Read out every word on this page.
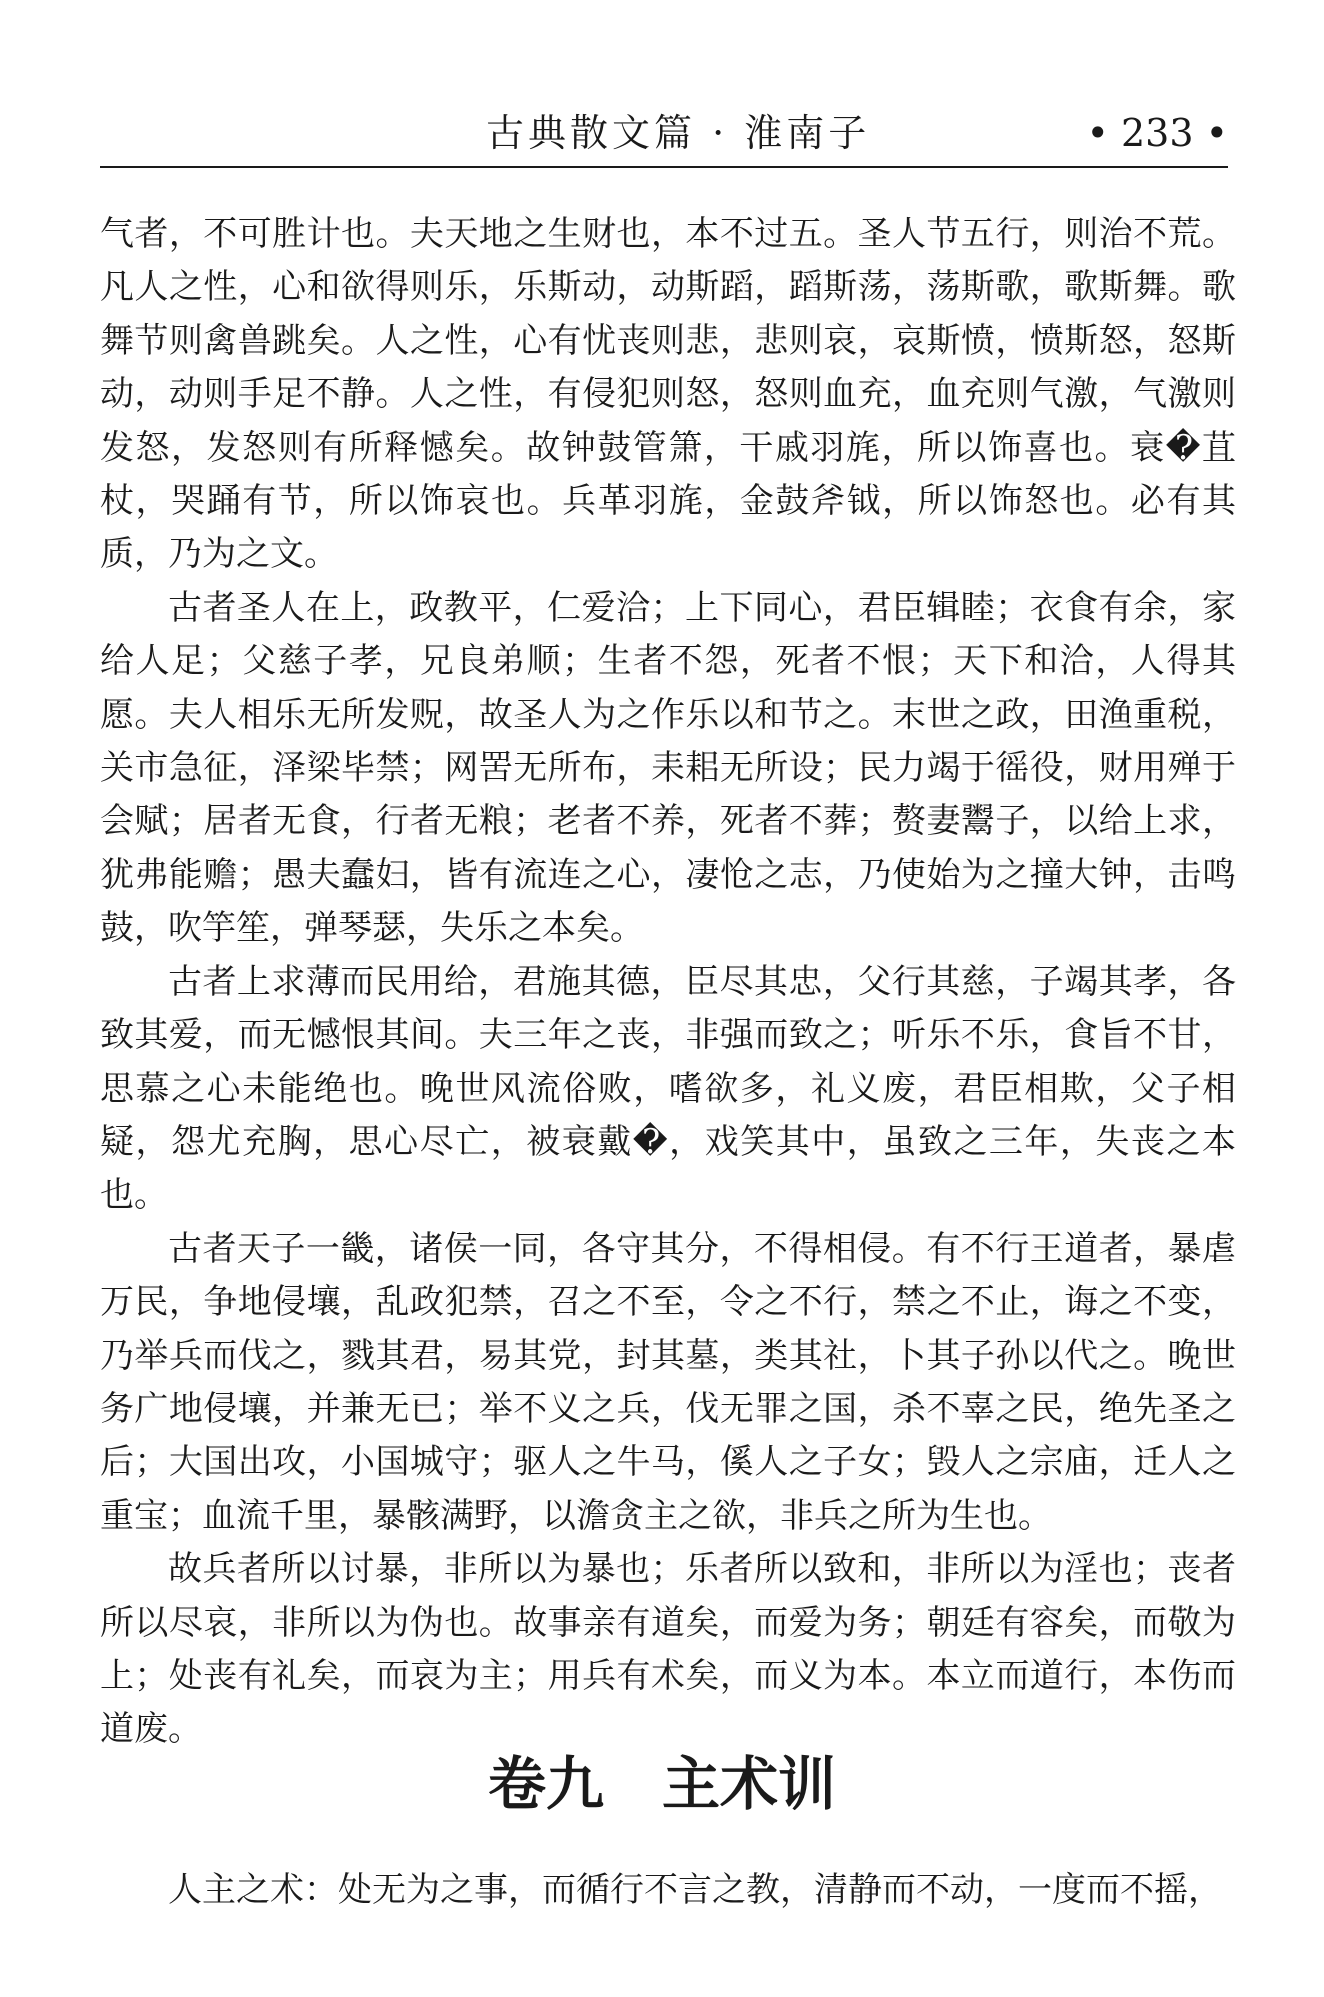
古典散文篇 · 淮南子	• 233 •

气者，不可胜计也。夫天地之生财也，本不过五。圣人节五行，则治不荒。凡人之性，心和欲得则乐，乐斯动，动斯蹈，蹈斯荡，荡斯歌，歌斯舞。歌舞节则禽兽跳矣。人之性，心有忧丧则悲，悲则哀，哀斯愤，愤斯怒，怒斯动，动则手足不静。人之性，有侵犯则怒，怒则血充，血充则气激，气激则发怒，发怒则有所释憾矣。故钟鼓管箫，干戚羽旄，所以饰喜也。衰�苴杖，哭踊有节，所以饰哀也。兵革羽旄，金鼓斧钺，所以饰怒也。必有其质，乃为之文。

古者圣人在上，政教平，仁爱洽；上下同心，君臣辑睦；衣食有余，家给人足；父慈子孝，兄良弟顺；生者不怨，死者不恨；天下和洽，人得其愿。夫人相乐无所发贶，故圣人为之作乐以和节之。末世之政，田渔重税，关市急征，泽梁毕禁；网罟无所布，耒耜无所设；民力竭于徭役，财用殚于会赋；居者无食，行者无粮；老者不养，死者不葬；赘妻鬻子，以给上求，犹弗能赡；愚夫蠢妇，皆有流连之心，凄怆之志，乃使始为之撞大钟，击鸣鼓，吹竽笙，弹琴瑟，失乐之本矣。

古者上求薄而民用给，君施其德，臣尽其忠，父行其慈，子竭其孝，各致其爱，而无憾恨其间。夫三年之丧，非强而致之；听乐不乐，食旨不甘，思慕之心未能绝也。晚世风流俗败，嗜欲多，礼义废，君臣相欺，父子相疑，怨尤充胸，思心尽亡，被衰戴�，戏笑其中，虽致之三年，失丧之本也。

古者天子一畿，诸侯一同，各守其分，不得相侵。有不行王道者，暴虐万民，争地侵壤，乱政犯禁，召之不至，令之不行，禁之不止，诲之不变，乃举兵而伐之，戮其君，易其党，封其墓，类其社，卜其子孙以代之。晚世务广地侵壤，并兼无已；举不义之兵，伐无罪之国，杀不辜之民，绝先圣之后；大国出攻，小国城守；驱人之牛马，傒人之子女；毁人之宗庙，迁人之重宝；血流千里，暴骸满野，以澹贪主之欲，非兵之所为生也。

故兵者所以讨暴，非所以为暴也；乐者所以致和，非所以为淫也；丧者所以尽哀，非所以为伪也。故事亲有道矣，而爱为务；朝廷有容矣，而敬为上；处丧有礼矣，而哀为主；用兵有术矣，而义为本。本立而道行，本伤而道废。

卷九　主术训

人主之术：处无为之事，而循行不言之教，清静而不动，一度而不摇，
